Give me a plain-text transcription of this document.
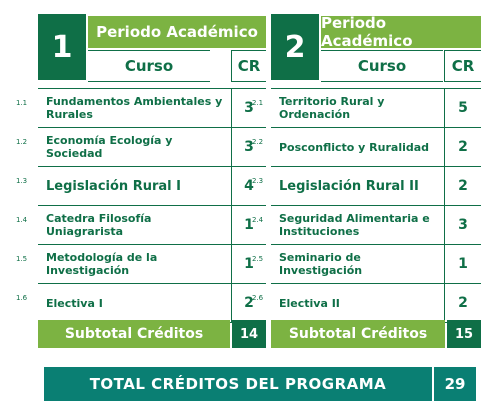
1	Periodo Académico
Curso	CR
1.1	Fundamentos Ambientales y Rurales	3
1.2	Economía Ecología y Sociedad	3
1.3	Legislación Rural I	4
1.4	Catedra Filosofía Uniagrarista	1
1.5	Metodología de la Investigación	1
1.6	Electiva I	2
Subtotal Créditos	14
2
Periodo Académico
Curso	CR
2.1	Territorio Rural y Ordenación	5
2.2	Posconflicto y Ruralidad	2
2.3	Legislación Rural II	2
2.4	Seguridad Alimentaria e Instituciones	3
2.5	Seminario de Investigación	1
2.6	Electiva II	2
Subtotal Créditos	15
TOTAL CRÉDITOS DEL PROGRAMA	29
